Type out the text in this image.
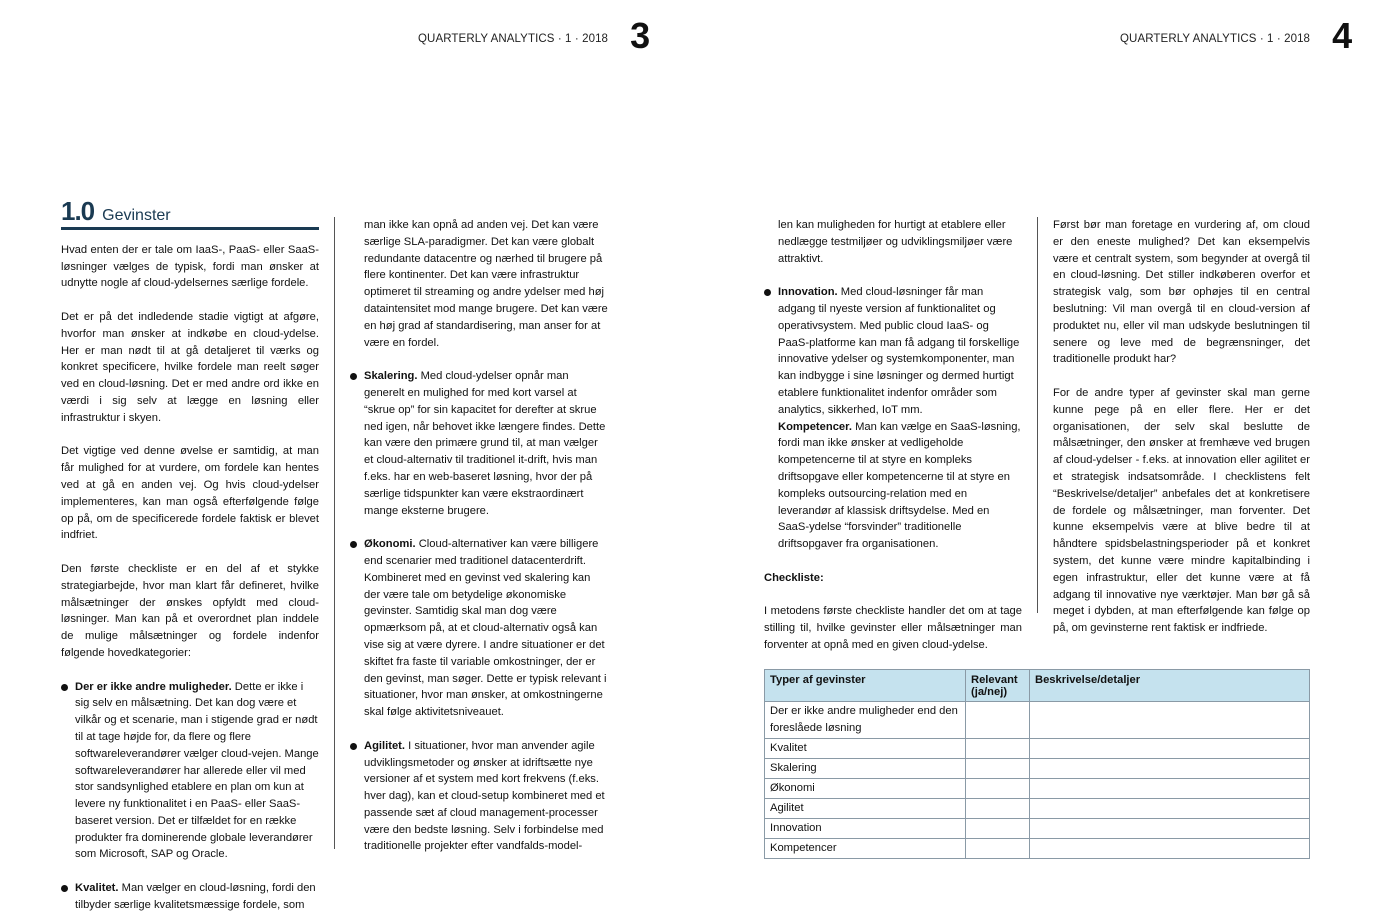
QUARTERLY ANALYTICS · 1 · 2018 3	QUARTERLY ANALYTICS · 1 · 2018 4
1.0 Gevinster

Hvad enten der er tale om IaaS-, PaaS- eller SaaS-løsninger vælges de typisk, fordi man ønsker at udnytte nogle af cloud-ydelsernes særlige fordele.

Det er på det indledende stadie vigtigt at afgøre, hvorfor man ønsker at indkøbe en cloud-ydelse. Her er man nødt til at gå detaljeret til værks og konkret specificere, hvilke fordele man reelt søger ved en cloud-løsning. Det er med andre ord ikke en værdi i sig selv at lægge en løsning eller infrastruktur i skyen.

Det vigtige ved denne øvelse er samtidig, at man får mulighed for at vurdere, om fordele kan hentes ved at gå en anden vej. Og hvis cloud-ydelser implementeres, kan man også efterfølgende følge op på, om de specificerede fordele faktisk er blevet indfriet.

Den første checkliste er en del af et stykke strategiarbejde, hvor man klart får defineret, hvilke målsætninger der ønskes opfyldt med cloud-løsninger. Man kan på et overordnet plan inddele de mulige målsætninger og fordele indenfor følgende hovedkategorier:

Der er ikke andre muligheder. Dette er ikke i sig selv en målsætning. Det kan dog være et vilkår og et scenarie, man i stigende grad er nødt til at tage højde for, da flere og flere softwareleverandører vælger cloud-vejen. Mange softwareleverandører har allerede eller vil med stor sandsynlighed etablere en plan om kun at levere ny funktionalitet i en PaaS- eller SaaS-baseret version. Det er tilfældet for en række produkter fra dominerende globale leverandører som Microsoft, SAP og Oracle.
Kvalitet. Man vælger en cloud-løsning, fordi den tilbyder særlige kvalitetsmæssige fordele, som

man ikke kan opnå ad anden vej. Det kan være særlige SLA-paradigmer. Det kan være globalt redundante datacentre og nærhed til brugere på flere kontinenter. Det kan være infrastruktur optimeret til streaming og andre ydelser med høj dataintensitet mod mange brugere. Det kan være en høj grad af standardisering, man anser for at være en fordel.

Skalering. Med cloud-ydelser opnår man generelt en mulighed for med kort varsel at “skrue op” for sin kapacitet for derefter at skrue ned igen, når behovet ikke længere findes. Dette kan være den primære grund til, at man vælger et cloud-alternativ til traditionel it-drift, hvis man f.eks. har en web-baseret løsning, hvor der på særlige tidspunkter kan være ekstraordinært mange eksterne brugere.
Økonomi. Cloud-alternativer kan være billigere end scenarier med traditionel datacenterdrift. Kombineret med en gevinst ved skalering kan der være tale om betydelige økonomiske gevinster. Samtidig skal man dog være opmærksom på, at et cloud-alternativ også kan vise sig at være dyrere. I andre situationer er det skiftet fra faste til variable omkostninger, der er den gevinst, man søger. Dette er typisk relevant i situationer, hvor man ønsker, at omkostningerne skal følge aktivitetsniveauet.
Agilitet. I situationer, hvor man anvender agile udviklingsmetoder og ønsker at idriftsætte nye versioner af et system med kort frekvens (f.eks. hver dag), kan et cloud-setup kombineret med et passende sæt af cloud management-processer være den bedste løsning. Selv i forbindelse med traditionelle projekter efter vandfalds-model-

len kan muligheden for hurtigt at etablere eller nedlægge testmiljøer og udviklingsmiljøer være attraktivt.

Innovation. Med cloud-løsninger får man adgang til nyeste version af funktionalitet og operativsystem. Med public cloud IaaS- og PaaS-platforme kan man få adgang til forskellige innovative ydelser og systemkomponenter, man kan indbygge i sine løsninger og dermed hurtigt etablere funktionalitet indenfor områder som analytics, sikkerhed, IoT mm.
Kompetencer. Man kan vælge en SaaS-løsning, fordi man ikke ønsker at vedligeholde kompetencerne til at styre en kompleks driftsopgave eller kompetencerne til at styre en kompleks outsourcing-relation med en leverandør af klassisk driftsydelse. Med en SaaS-ydelse “forsvinder” traditionelle driftsopgaver fra organisationen.

Checkliste:

I metodens første checkliste handler det om at tage stilling til, hvilke gevinster eller målsætninger man forventer at opnå med en given cloud-ydelse.

Først bør man foretage en vurdering af, om cloud er den eneste mulighed? Det kan eksempelvis være et centralt system, som begynder at overgå til en cloud-løsning. Det stiller indkøberen overfor et strategisk valg, som bør ophøjes til en central beslutning: Vil man overgå til en cloud-version af produktet nu, eller vil man udskyde beslutningen til senere og leve med de begrænsninger, det traditionelle produkt har?

For de andre typer af gevinster skal man gerne kunne pege på en eller flere. Her er det organisationen, der selv skal beslutte de målsætninger, den ønsker at fremhæve ved brugen af cloud-ydelser - f.eks. at innovation eller agilitet er et strategisk indsatsområde. I checklistens felt “Beskrivelse/detaljer” anbefales det at konkretisere de fordele og målsætninger, man forventer. Det kunne eksempelvis være at blive bedre til at håndtere spidsbelastningsperioder på et konkret system, det kunne være mindre kapitalbinding i egen infrastruktur, eller det kunne være at få adgang til innovative nye værktøjer. Man bør gå så meget i dybden, at man efterfølgende kan følge op på, om gevinsterne rent faktisk er indfriede.

Typer af gevinster	Relevant (ja/nej)	Beskrivelse/detaljer
Der er ikke andre muligheder end den foreslåede løsning		
Kvalitet		
Skalering		
Økonomi		
Agilitet		
Innovation		
Kompetencer		
